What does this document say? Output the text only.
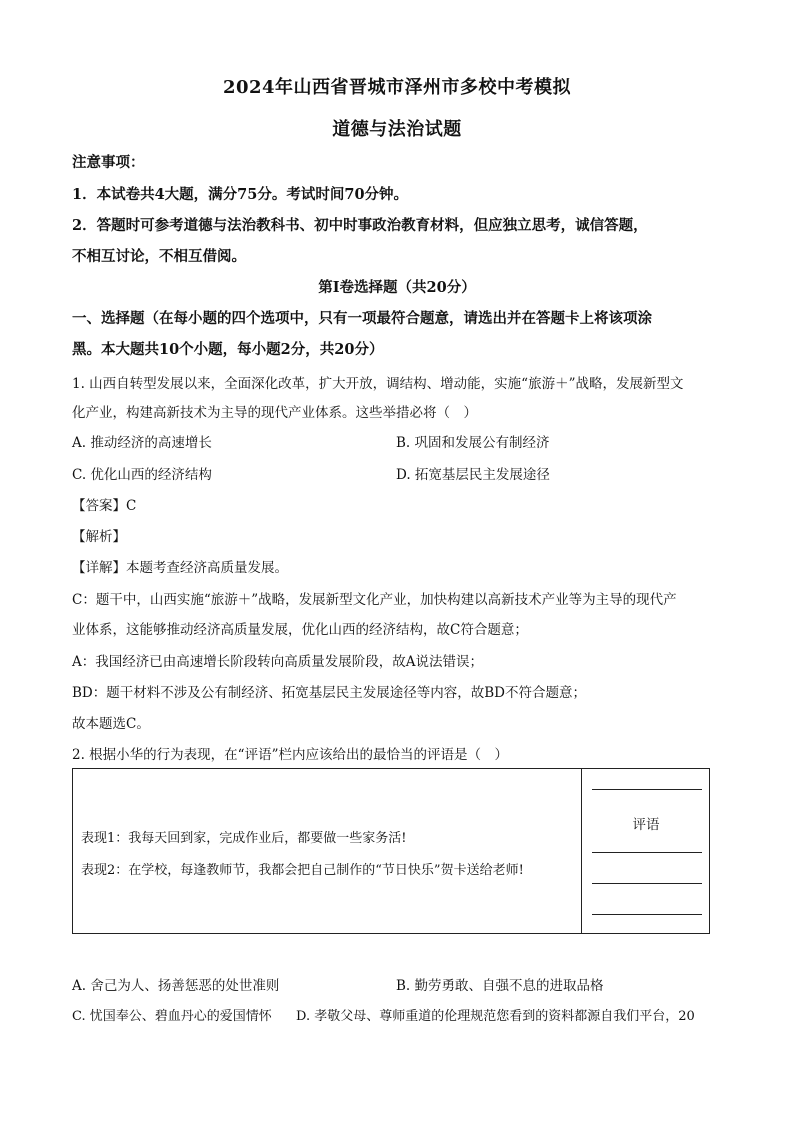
2024年山西省晋城市泽州市多校中考模拟
道德与法治试题
注意事项：
1．本试卷共4大题，满分75分。考试时间70分钟。
2．答题时可参考道德与法治教科书、初中时事政治教育材料，但应独立思考，诚信答题，
不相互讨论，不相互借阅。
第Ⅰ卷选择题（共20分）
一、选择题（在每小题的四个选项中，只有一项最符合题意，请选出并在答题卡上将该项涂
黑。本大题共10个小题，每小题2分，共20分）
1. 山西自转型发展以来，全面深化改革，扩大开放，调结构、增动能，实施“旅游＋”战略，发展新型文
化产业，构建高新技术为主导的现代产业体系。这些举措必将（　）
A. 推动经济的高速增长	B. 巩固和发展公有制经济
C. 优化山西的经济结构	D. 拓宽基层民主发展途径
【答案】C
【解析】
【详解】本题考查经济高质量发展。
C：题干中，山西实施“旅游＋”战略，发展新型文化产业，加快构建以高新技术产业等为主导的现代产
业体系，这能够推动经济高质量发展，优化山西的经济结构，故C符合题意；
A：我国经济已由高速增长阶段转向高质量发展阶段，故A说法错误；
BD：题干材料不涉及公有制经济、拓宽基层民主发展途径等内容，故BD不符合题意；
故本题选C。
2. 根据小华的行为表现，在“评语”栏内应该给出的最恰当的评语是（　）
表现1：我每天回到家，完成作业后，都要做一些家务活!
表现2：在学校，每逢教师节，我都会把自己制作的“节日快乐”贺卡送给老师!
评语
A. 舍己为人、扬善惩恶的处世准则	B. 勤劳勇敢、自强不息的进取品格
C. 忧国奉公、碧血丹心的爱国情怀 D. 孝敬父母、尊师重道的伦理规范您看到的资料都源自我们平台，20
